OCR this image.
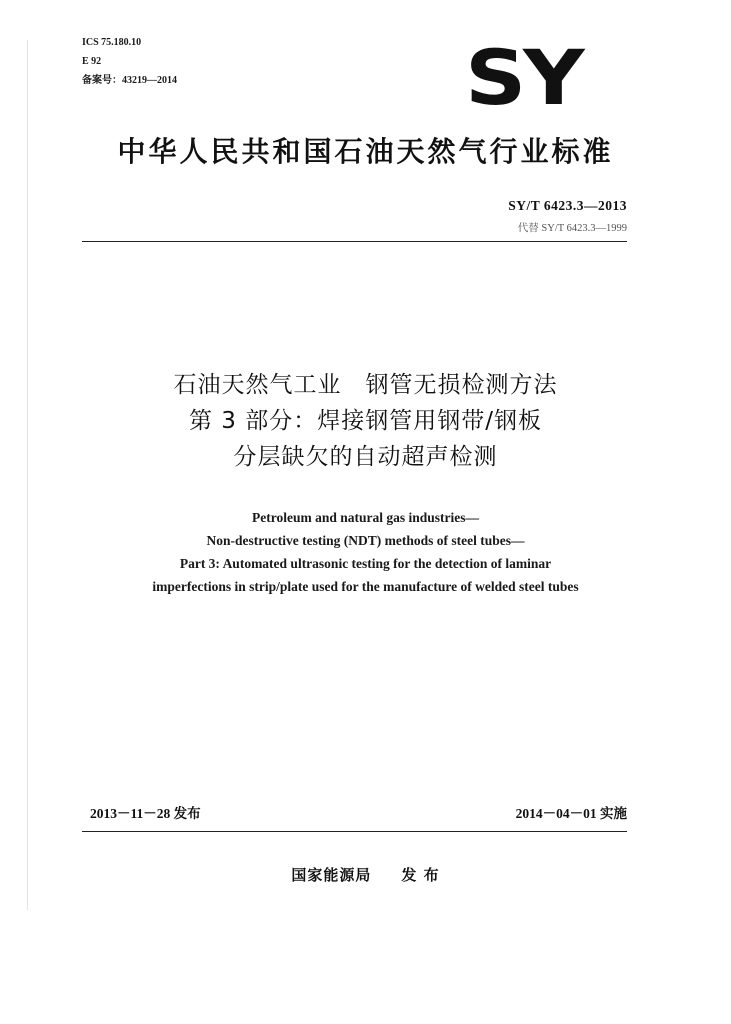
ICS 75.180.10
E 92
备案号：43219—2014	SY
中华人民共和国石油天然气行业标准
SY/T 6423.3—2013
代替 SY/T 6423.3—1999
石油天然气工业　钢管无损检测方法
第 3 部分：焊接钢管用钢带/钢板
分层缺欠的自动超声检测
Petroleum and natural gas industries—
Non-destructive testing (NDT) methods of steel tubes—
Part 3: Automated ultrasonic testing for the detection of laminar
imperfections in strip/plate used for the manufacture of welded steel tubes
2013－11－28 发布	2014－04－01 实施
国家能源局 发 布
